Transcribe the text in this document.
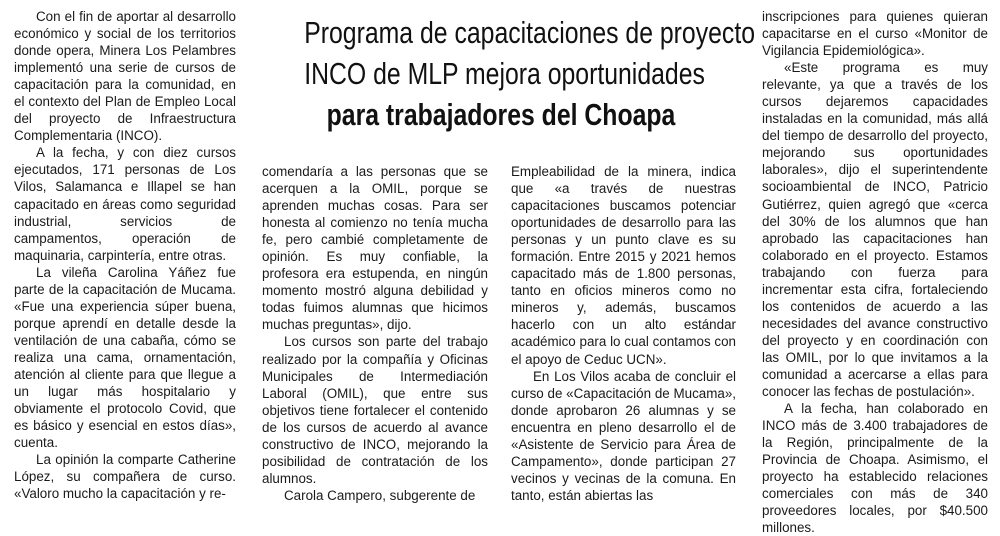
Programa de capacitaciones de proyecto
INCO de MLP mejora oportunidades
para trabajadores del Choapa

Con el fin de aportar al desarrollo económico y social de los territorios donde opera, Minera Los Pelambres implementó una serie de cursos de capacitación para la comunidad, en el contexto del Plan de Empleo Local del proyecto de Infraestructura Complementaria (INCO).

A la fecha, y con diez cursos ejecutados, 171 personas de Los Vilos, Salamanca e Illapel se han capacitado en áreas como seguridad industrial, servicios de campamentos, operación de maquinaria, carpintería, entre otras.

La vileña Carolina Yáñez fue parte de la capacitación de Mucama. «Fue una experiencia súper buena, porque aprendí en detalle desde la ventilación de una cabaña, cómo se realiza una cama, ornamentación, atención al cliente para que llegue a un lugar más hospitalario y obviamente el protocolo Covid, que es básico y esencial en estos días», cuenta.

La opinión la comparte Catherine López, su compañera de curso. «Valoro mucho la capacitación y re-

comendaría a las personas que se acerquen a la OMIL, porque se aprenden muchas cosas. Para ser honesta al comienzo no tenía mucha fe, pero cambié completamente de opinión. Es muy confiable, la profesora era estupenda, en ningún momento mostró alguna debilidad y todas fuimos alumnas que hicimos muchas preguntas», dijo.

Los cursos son parte del trabajo realizado por la compañía y Oficinas Municipales de Intermediación Laboral (OMIL), que entre sus objetivos tiene fortalecer el contenido de los cursos de acuerdo al avance constructivo de INCO, mejorando la posibilidad de contratación de los alumnos.

Carola Campero, subgerente de

Empleabilidad de la minera, indica que «a través de nuestras capacitaciones buscamos potenciar oportunidades de desarrollo para las personas y un punto clave es su formación. Entre 2015 y 2021 hemos capacitado más de 1.800 personas, tanto en oficios mineros como no mineros y, además, buscamos hacerlo con un alto estándar académico para lo cual contamos con el apoyo de Ceduc UCN».

En Los Vilos acaba de concluir el curso de «Capacitación de Mucama», donde aprobaron 26 alumnas y se encuentra en pleno desarrollo el de «Asistente de Servicio para Área de Campamento», donde participan 27 vecinos y vecinas de la comuna. En tanto, están abiertas las

inscripciones para quienes quieran capacitarse en el curso «Monitor de Vigilancia Epidemiológica».

«Este programa es muy relevante, ya que a través de los cursos dejaremos capacidades instaladas en la comunidad, más allá del tiempo de desarrollo del proyecto, mejorando sus oportunidades laborales», dijo el superintendente socioambiental de INCO, Patricio Gutiérrez, quien agregó que «cerca del 30% de los alumnos que han aprobado las capacitaciones han colaborado en el proyecto. Estamos trabajando con fuerza para incrementar esta cifra, fortaleciendo los contenidos de acuerdo a las necesidades del avance constructivo del proyecto y en coordinación con las OMIL, por lo que invitamos a la comunidad a acercarse a ellas para conocer las fechas de postulación».

A la fecha, han colaborado en INCO más de 3.400 trabajadores de la Región, principalmente de la Provincia de Choapa. Asimismo, el proyecto ha establecido relaciones comerciales con más de 340 proveedores locales, por $40.500 millones.
